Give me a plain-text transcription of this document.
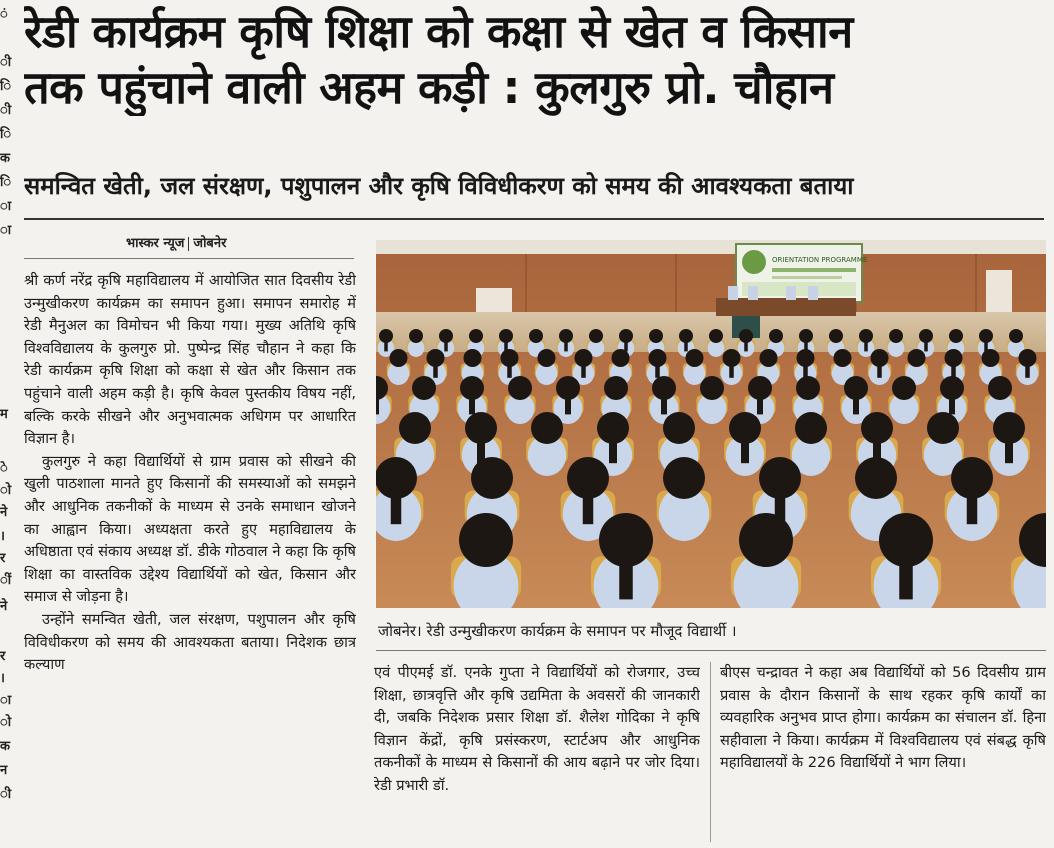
ं
ी
ि
ी
ि
क
ि
ा
ा
म
े
ो
ने
।
र
ीं
ने
र
।
ा
ो
क
न
ी
रेडी कार्यक्रम कृषि शिक्षा को कक्षा से खेत व किसान
तक पहुंचाने वाली अहम कड़ी : कुलगुरु प्रो. चौहान
समन्वित खेती, जल संरक्षण, पशुपालन और कृषि विविधीकरण को समय की आवश्यकता बताया
भास्कर न्यूज जोबनेर

श्री कर्ण नरेंद्र कृषि महाविद्यालय में आयोजित सात दिवसीय रेडी उन्मुखीकरण कार्यक्रम का समापन हुआ। समापन समारोह में रेडी मैनुअल का विमोचन भी किया गया। मुख्य अतिथि कृषि विश्वविद्यालय के कुलगुरु प्रो. पुष्पेन्द्र सिंह चौहान ने कहा कि रेडी कार्यक्रम कृषि शिक्षा को कक्षा से खेत और किसान तक पहुंचाने वाली अहम कड़ी है। कृषि केवल पुस्तकीय विषय नहीं, बल्कि करके सीखने और अनुभवात्मक अधिगम पर आधारित विज्ञान है।

कुलगुरु ने कहा विद्यार्थियों से ग्राम प्रवास को सीखने की खुली पाठशाला मानते हुए किसानों की समस्याओं को समझने और आधुनिक तकनीकों के माध्यम से उनके समाधान खोजने का आह्वान किया। अध्यक्षता करते हुए महाविद्यालय के अधिष्ठाता एवं संकाय अध्यक्ष डॉ. डीके गोठवाल ने कहा कि कृषि शिक्षा का वास्तविक उद्देश्य विद्यार्थियों को खेत, किसान और समाज से जोड़ना है।

उन्होंने समन्वित खेती, जल संरक्षण, पशुपालन और कृषि विविधीकरण को समय की आवश्यकता बताया। निदेशक छात्र कल्याण

ORIENTATION PROGRAMME
जोबनेर। रेडी उन्मुखीकरण कार्यक्रम के समापन पर मौजूद विद्यार्थी ।

एवं पीएमई डॉ. एनके गुप्ता ने विद्यार्थियों को रोजगार, उच्च शिक्षा, छात्रवृत्ति और कृषि उद्यमिता के अवसरों की जानकारी दी, जबकि निदेशक प्रसार शिक्षा डॉ. शैलेश गोदिका ने कृषि विज्ञान केंद्रों, कृषि प्रसंस्करण, स्टार्टअप और आधुनिक तकनीकों के माध्यम से किसानों की आय बढ़ाने पर जोर दिया। रेडी प्रभारी डॉ.

बीएस चन्द्रावत ने कहा अब विद्यार्थियों को 56 दिवसीय ग्राम प्रवास के दौरान किसानों के साथ रहकर कृषि कार्यों का व्यवहारिक अनुभव प्राप्त होगा। कार्यक्रम का संचालन डॉ. हिना सहीवाला ने किया। कार्यक्रम में विश्वविद्यालय एवं संबद्ध कृषि महाविद्यालयों के 226 विद्यार्थियों ने भाग लिया।
